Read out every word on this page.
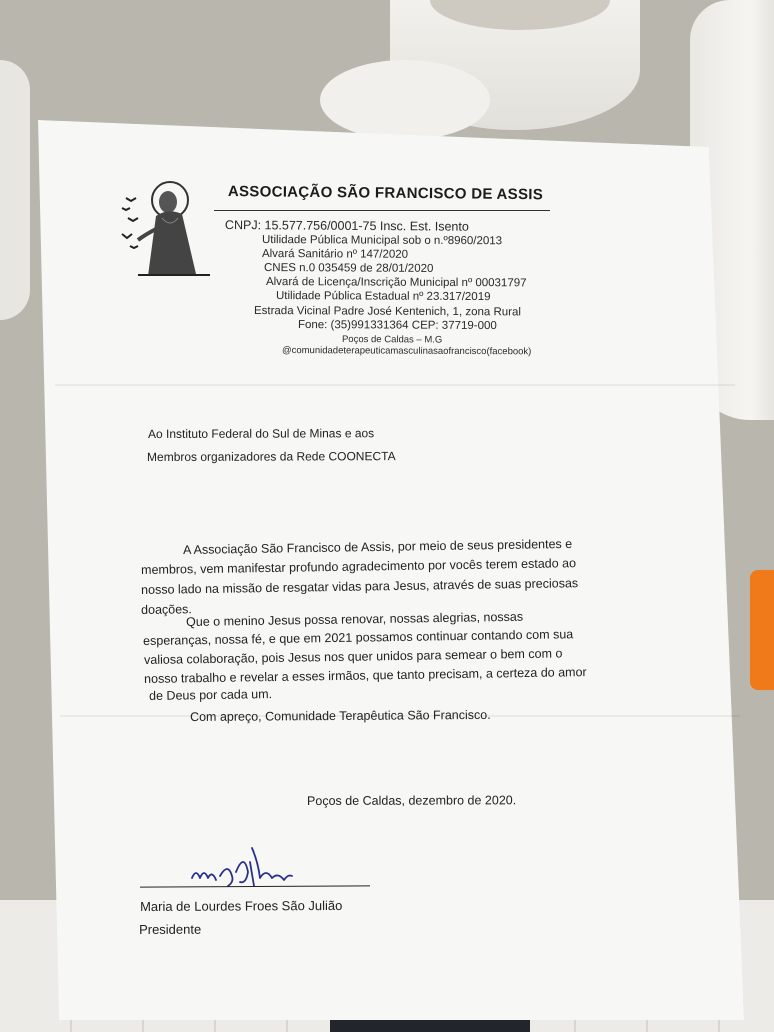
ASSOCIAÇÃO SÃO FRANCISCO DE ASSIS
CNPJ: 15.577.756/0001-75 Insc. Est. Isento
Utilidade Pública Municipal sob o n.º8960/2013
Alvará Sanitário nº 147/2020
CNES n.0 035459 de 28/01/2020
Alvará de Licença/Inscrição Municipal nº 00031797
Utilidade Pública Estadual nº 23.317/2019
Estrada Vicinal Padre José Kentenich, 1, zona Rural
Fone: (35)991331364 CEP: 37719-000
Poços de Caldas – M.G
@comunidadeterapeuticamasculinasaofrancisco(facebook)
Ao Instituto Federal do Sul de Minas e aos
Membros organizadores da Rede COONECTA
A Associação São Francisco de Assis, por meio de seus presidentes e
membros, vem manifestar profundo agradecimento por vocês terem estado ao
nosso lado na missão de resgatar vidas para Jesus, através de suas preciosas
doações.
Que o menino Jesus possa renovar, nossas alegrias, nossas
esperanças, nossa fé, e que em 2021 possamos continuar contando com sua
valiosa colaboração, pois Jesus nos quer unidos para semear o bem com o
nosso trabalho e revelar a esses irmãos, que tanto precisam, a certeza do amor
de Deus por cada um.
Com apreço, Comunidade Terapêutica São Francisco.
Poços de Caldas, dezembro de 2020.
Maria de Lourdes Froes São Julião
Presidente
